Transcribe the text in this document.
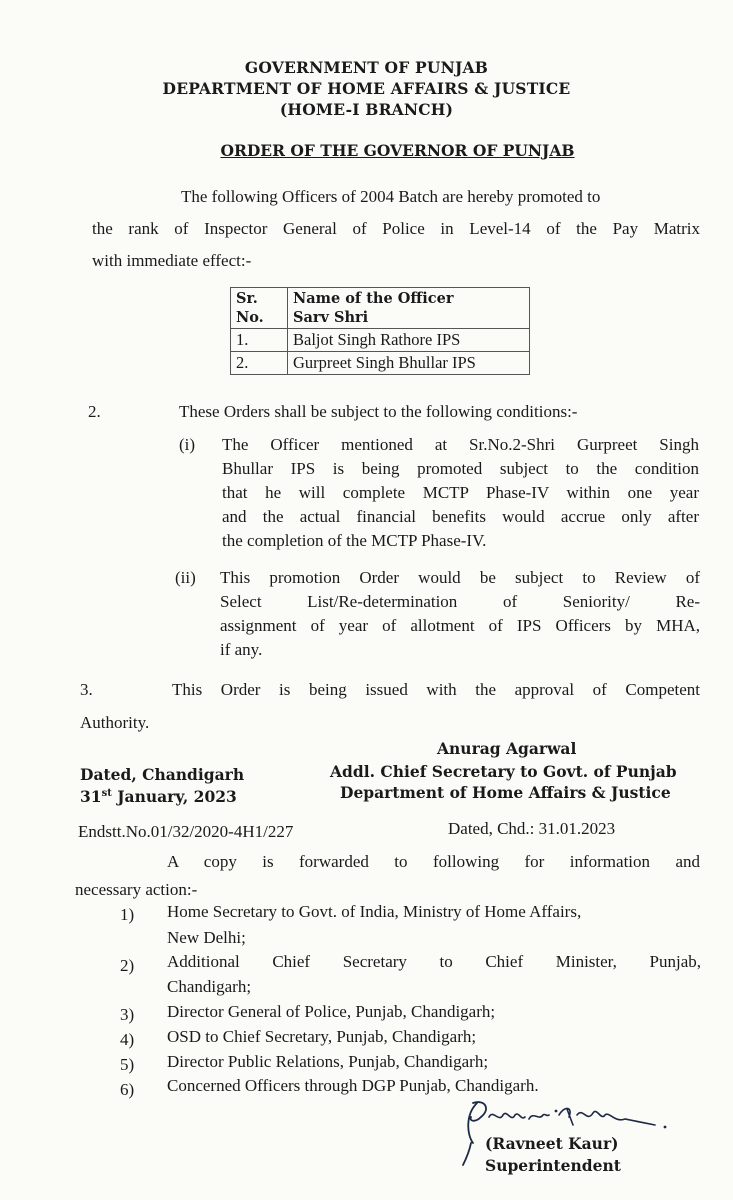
GOVERNMENT OF PUNJAB
DEPARTMENT OF HOME AFFAIRS & JUSTICE
(HOME-I BRANCH)
ORDER OF THE GOVERNOR OF PUNJAB
The following Officers of 2004 Batch are hereby promoted to
the rank of Inspector General of Police in Level-14 of the Pay Matrix
with immediate effect:-
Sr.
No.	Name of the Officer
Sarv Shri
1.	Baljot Singh Rathore IPS
2.	Gurpreet Singh Bhullar IPS
2.	These Orders shall be subject to the following conditions:-
(i) The Officer mentioned at Sr.No.2-Shri Gurpreet Singh
Bhullar IPS is being promoted subject to the condition
that he will complete MCTP Phase-IV within one year
and the actual financial benefits would accrue only after
the completion of the MCTP Phase-IV.
(ii) This promotion Order would be subject to Review of
Select List/Re-determination of Seniority/ Re-
assignment of year of allotment of IPS Officers by MHA,
if any.
3.	This Order is being issued with the approval of Competent
Authority.
Anurag Agarwal
Addl. Chief Secretary to Govt. of Punjab
Department of Home Affairs & Justice
Dated, Chandigarh
31st January, 2023
Endstt.No.01/32/2020-4H1/227	Dated, Chd.: 31.01.2023
A copy is forwarded to following for information and
necessary action:-
1) Home Secretary to Govt. of India, Ministry of Home Affairs,
New Delhi;
2) Additional Chief Secretary to Chief Minister, Punjab,
Chandigarh;
3) Director General of Police, Punjab, Chandigarh;
4) OSD to Chief Secretary, Punjab, Chandigarh;
5) Director Public Relations, Punjab, Chandigarh;
6) Concerned Officers through DGP Punjab, Chandigarh.
(Ravneet Kaur)
Superintendent
